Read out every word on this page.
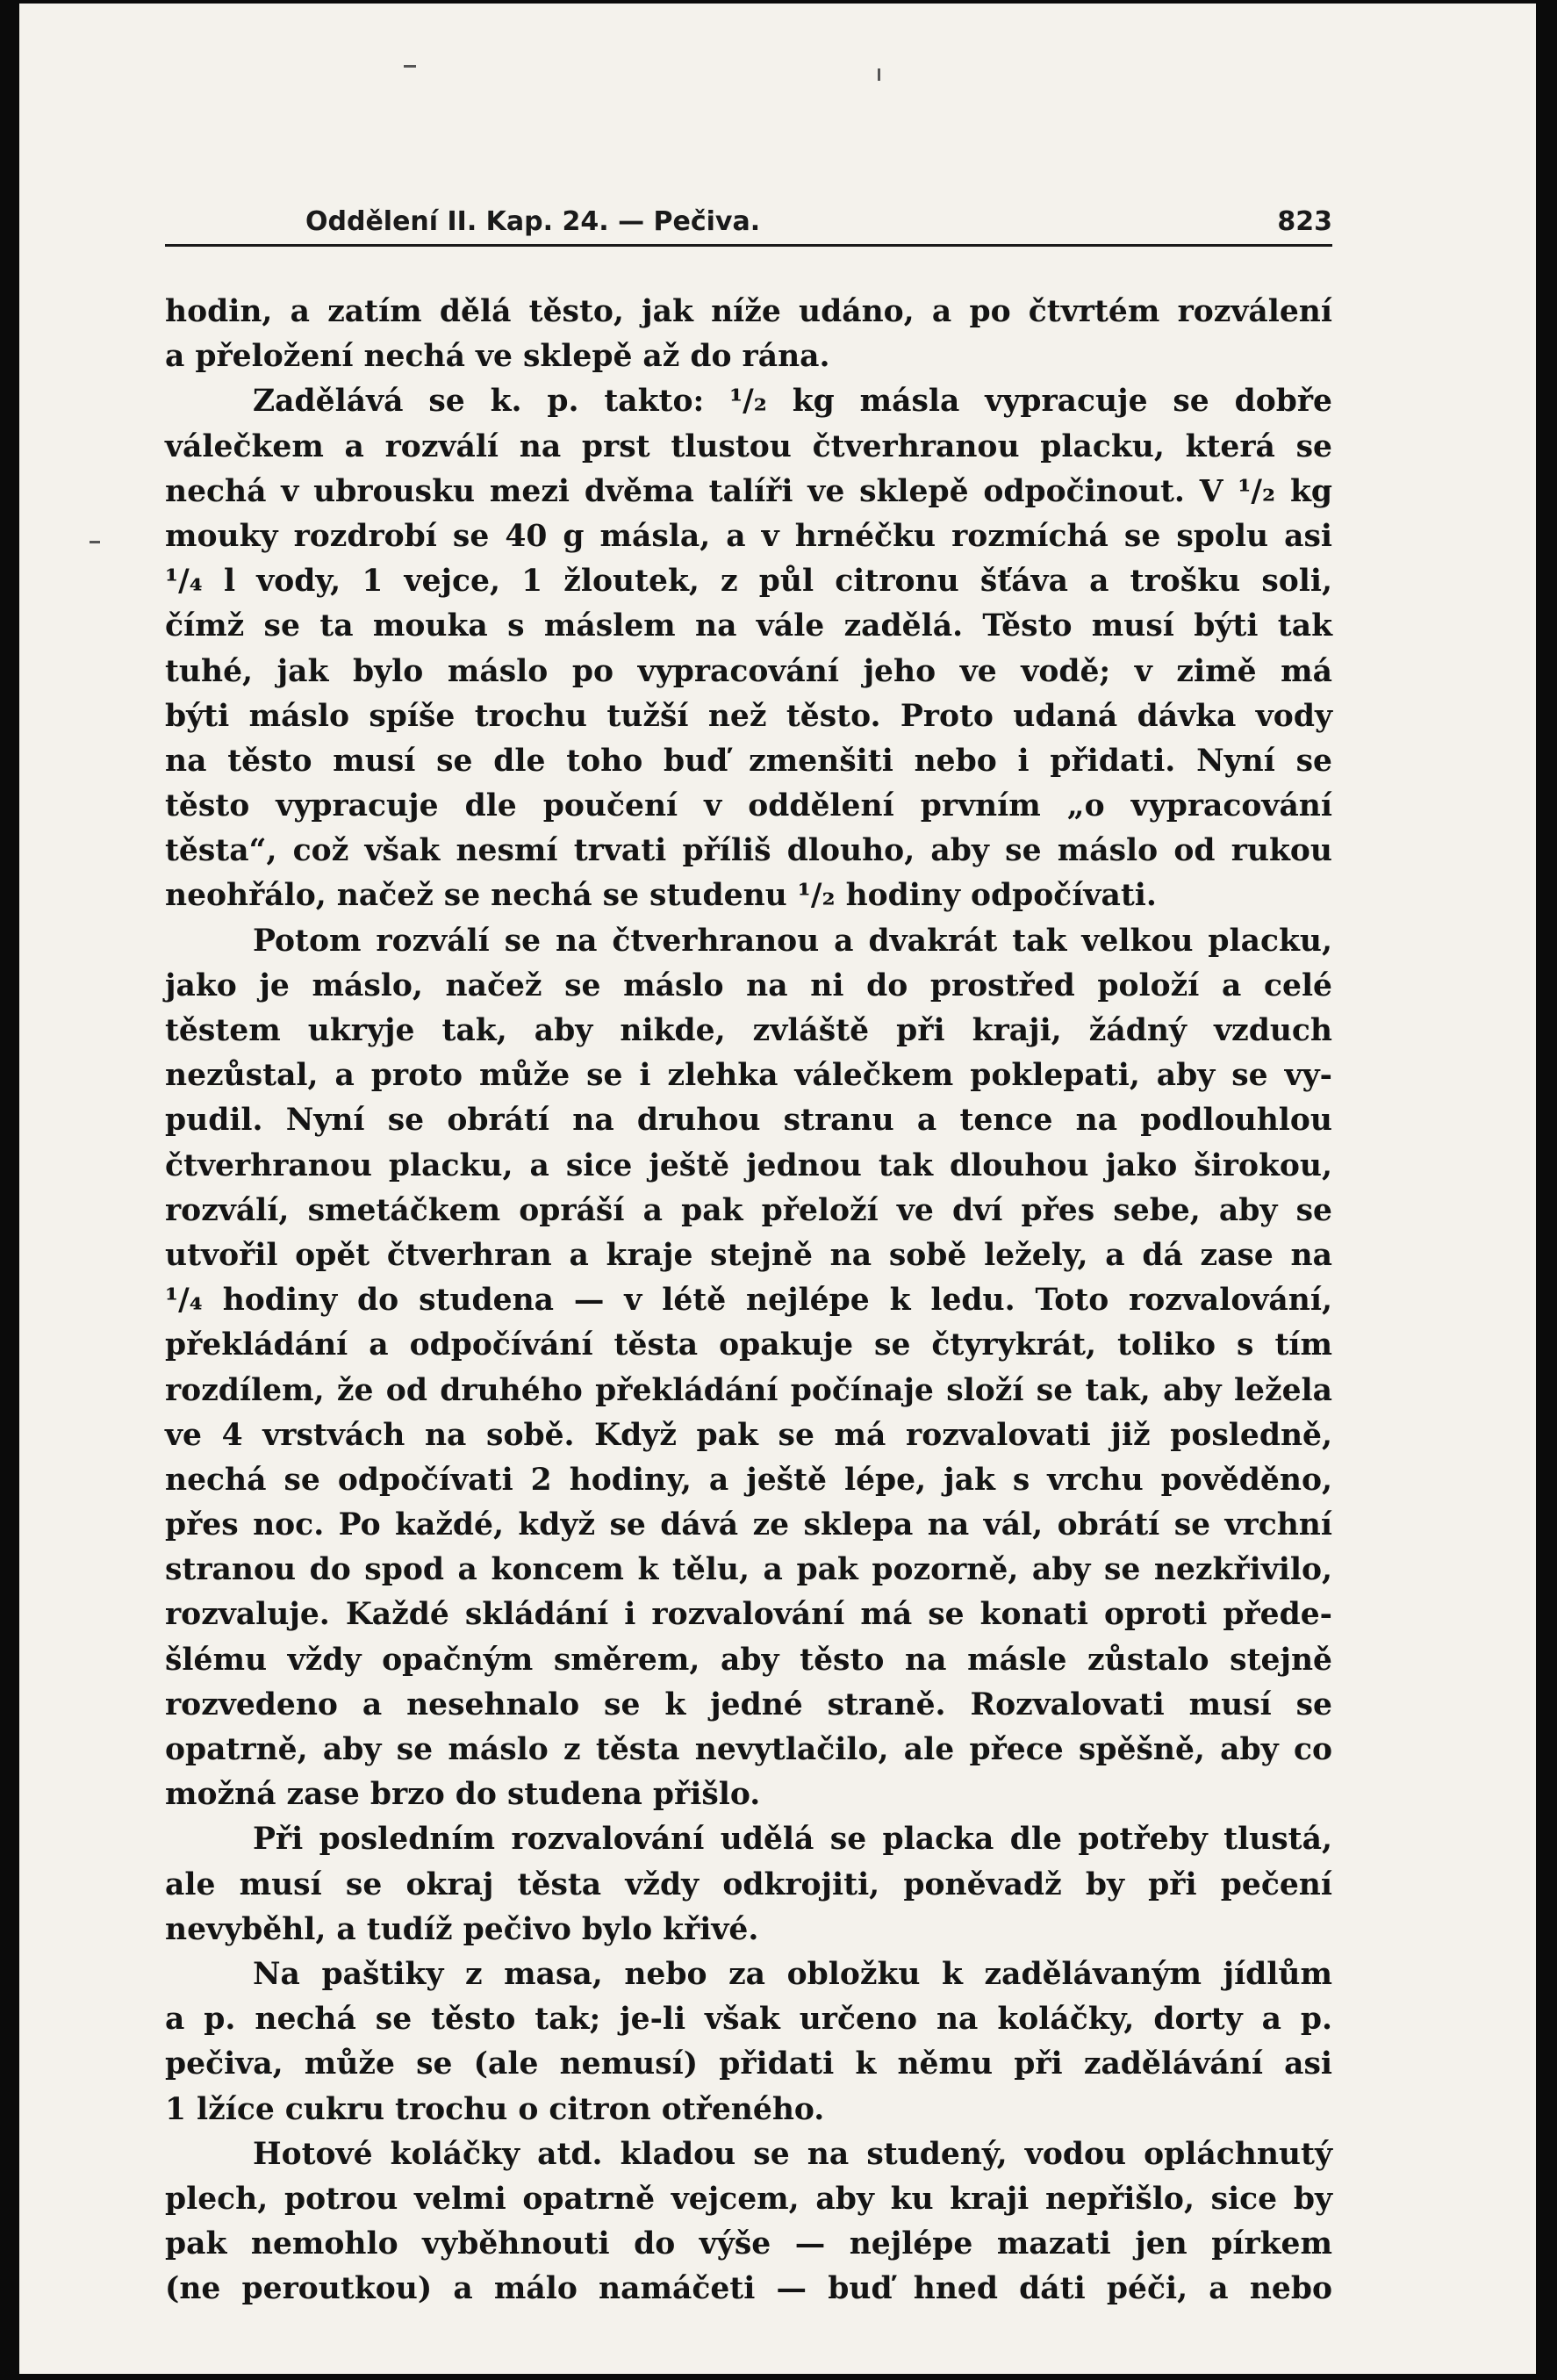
Oddělení II. Kap. 24. — Pečiva.	823
hodin, a zatím dělá těsto, jak níže udáno, a po čtvrtém rozválení
a přeložení nechá ve sklepě až do rána.
Zadělává se k. p. takto: ¹/₂ kg másla vypracuje se dobře
válečkem a rozválí na prst tlustou čtverhranou placku, která se
nechá v ubrousku mezi dvěma talíři ve sklepě odpočinout. V ¹/₂ kg
mouky rozdrobí se 40 g másla, a v hrnéčku rozmíchá se spolu asi
¹/₄ l vody, 1 vejce, 1 žloutek, z půl citronu šťáva a trošku soli,
čímž se ta mouka s máslem na vále zadělá. Těsto musí býti tak
tuhé, jak bylo máslo po vypracování jeho ve vodě; v zimě má
býti máslo spíše trochu tužší než těsto. Proto udaná dávka vody
na těsto musí se dle toho buď zmenšiti nebo i přidati. Nyní se
těsto vypracuje dle poučení v oddělení prvním „o vypracování
těsta“, což však nesmí trvati příliš dlouho, aby se máslo od rukou
neohřálo, načež se nechá se studenu ¹/₂ hodiny odpočívati.
Potom rozválí se na čtverhranou a dvakrát tak velkou placku,
jako je máslo, načež se máslo na ni do prostřed položí a celé
těstem ukryje tak, aby nikde, zvláště při kraji, žádný vzduch
nezůstal, a proto může se i zlehka válečkem poklepati, aby se vy-
pudil. Nyní se obrátí na druhou stranu a tence na podlouhlou
čtverhranou placku, a sice ještě jednou tak dlouhou jako širokou,
rozválí, smetáčkem opráší a pak přeloží ve dví přes sebe, aby se
utvořil opět čtverhran a kraje stejně na sobě ležely, a dá zase na
¹/₄ hodiny do studena — v létě nejlépe k ledu. Toto rozvalování,
překládání a odpočívání těsta opakuje se čtyrykrát, toliko s tím
rozdílem, že od druhého překládání počínaje složí se tak, aby ležela
ve 4 vrstvách na sobě. Když pak se má rozvalovati již posledně,
nechá se odpočívati 2 hodiny, a ještě lépe, jak s vrchu pověděno,
přes noc. Po každé, když se dává ze sklepa na vál, obrátí se vrchní
stranou do spod a koncem k tělu, a pak pozorně, aby se nezkřivilo,
rozvaluje. Každé skládání i rozvalování má se konati oproti přede-
šlému vždy opačným směrem, aby těsto na másle zůstalo stejně
rozvedeno a nesehnalo se k jedné straně. Rozvalovati musí se
opatrně, aby se máslo z těsta nevytlačilo, ale přece spěšně, aby co
možná zase brzo do studena přišlo.
Při posledním rozvalování udělá se placka dle potřeby tlustá,
ale musí se okraj těsta vždy odkrojiti, poněvadž by při pečení
nevyběhl, a tudíž pečivo bylo křivé.
Na paštiky z masa, nebo za obložku k zadělávaným jídlům
a p. nechá se těsto tak; je-li však určeno na koláčky, dorty a p.
pečiva, může se (ale nemusí) přidati k němu při zadělávání asi
1 lžíce cukru trochu o citron otřeného.
Hotové koláčky atd. kladou se na studený, vodou opláchnutý
plech, potrou velmi opatrně vejcem, aby ku kraji nepřišlo, sice by
pak nemohlo vyběhnouti do výše — nejlépe mazati jen pírkem
(ne peroutkou) a málo namáčeti — buď hned dáti péči, a nebo
